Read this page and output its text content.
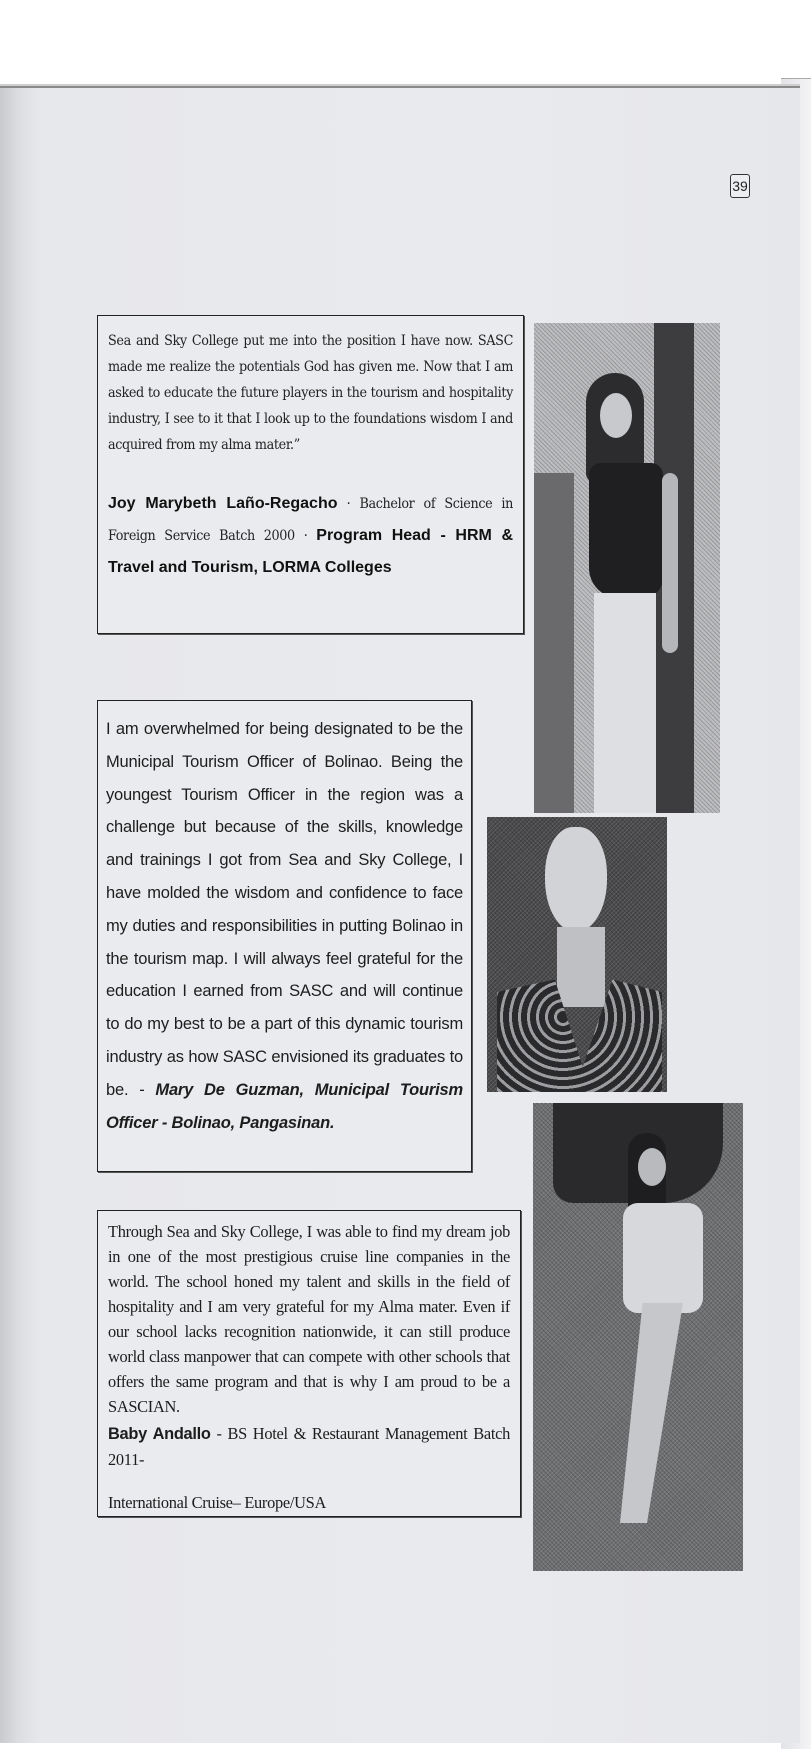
39

Sea and Sky College put me into the position I have now. SASC made me realize the potentials God has given me. Now that I am asked to educate the future players in the tourism and hospitality industry, I see to it that I look up to the foundations wisdom I and acquired from my alma mater.”

Joy Marybeth Laño-Regacho · Bachelor of Science in Foreign Service Batch 2000 · Program Head - HRM & Travel and Tourism, LORMA Colleges

I am overwhelmed for being designated to be the Municipal Tourism Officer of Bolinao. Being the youngest Tourism Officer in the region was a challenge but because of the skills, knowledge and trainings I got from Sea and Sky College, I have molded the wisdom and confidence to face my duties and responsibilities in putting Bolinao in the tourism map. I will always feel grateful for the education I earned from SASC and will continue to do my best to be a part of this dynamic tourism industry as how SASC envisioned its graduates to be. - Mary De Guzman, Municipal Tourism Officer - Bolinao, Pangasinan.

Through Sea and Sky College, I was able to find my dream job in one of the most prestigious cruise line companies in the world. The school honed my talent and skills in the field of hospitality and I am very grateful for my Alma mater. Even if our school lacks recognition nationwide, it can still produce world class manpower that can compete with other schools that offers the same program and that is why I am proud to be a SASCIAN.

Baby Andallo - BS Hotel & Restaurant Management Batch 2011-

International Cruise– Europe/USA
